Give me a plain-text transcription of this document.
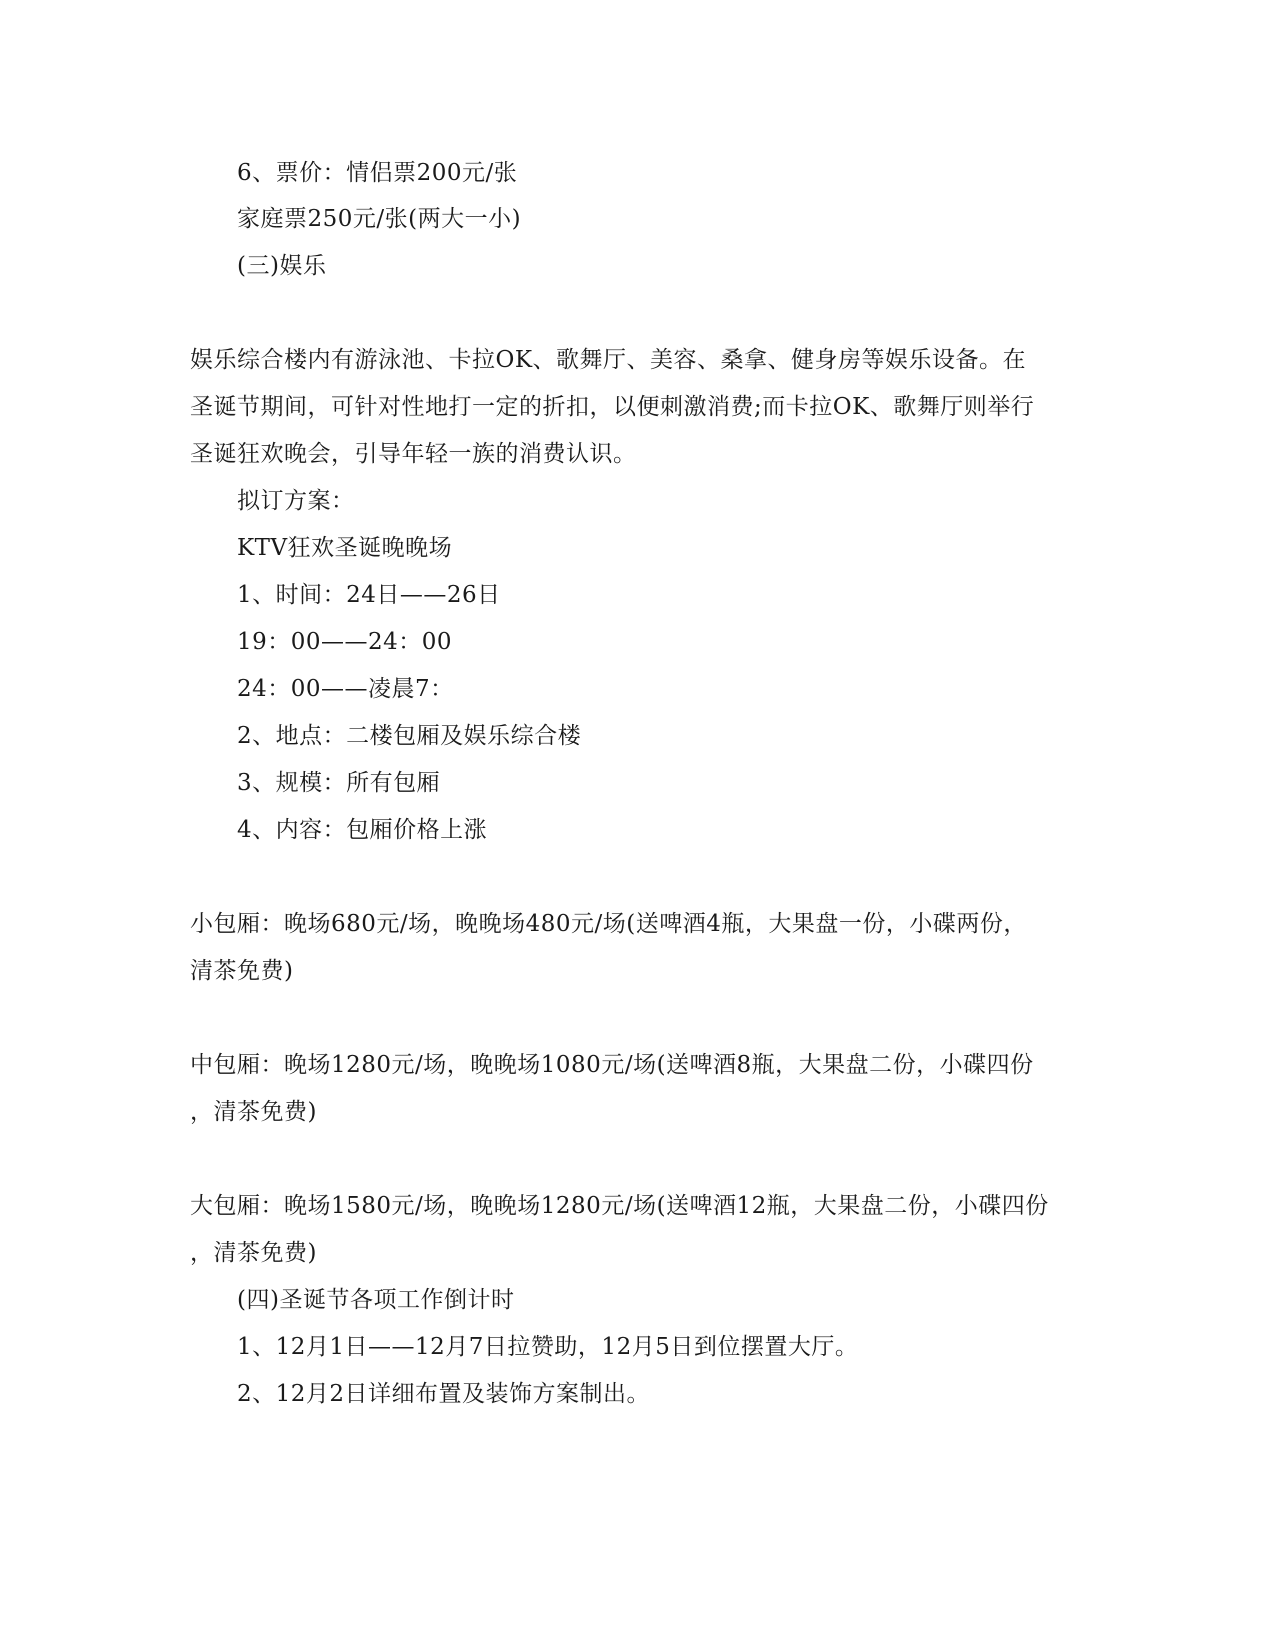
6、票价：情侣票200元/张
家庭票250元/张(两大一小)
(三)娱乐
娱乐综合楼内有游泳池、卡拉OK、歌舞厅、美容、桑拿、健身房等娱乐设备。在
圣诞节期间，可针对性地打一定的折扣，以便刺激消费;而卡拉OK、歌舞厅则举行
圣诞狂欢晚会，引导年轻一族的消费认识。
拟订方案：
KTV狂欢圣诞晚晚场
1、时间：24日——26日
19：00——24：00
24：00——凌晨7：
2、地点：二楼包厢及娱乐综合楼
3、规模：所有包厢
4、内容：包厢价格上涨
小包厢：晚场680元/场，晚晚场480元/场(送啤酒4瓶，大果盘一份，小碟两份，
清茶免费)
中包厢：晚场1280元/场，晚晚场1080元/场(送啤酒8瓶，大果盘二份，小碟四份
，清茶免费)
大包厢：晚场1580元/场，晚晚场1280元/场(送啤酒12瓶，大果盘二份，小碟四份
，清茶免费)
(四)圣诞节各项工作倒计时
1、12月1日——12月7日拉赞助，12月5日到位摆置大厅。
2、12月2日详细布置及装饰方案制出。
